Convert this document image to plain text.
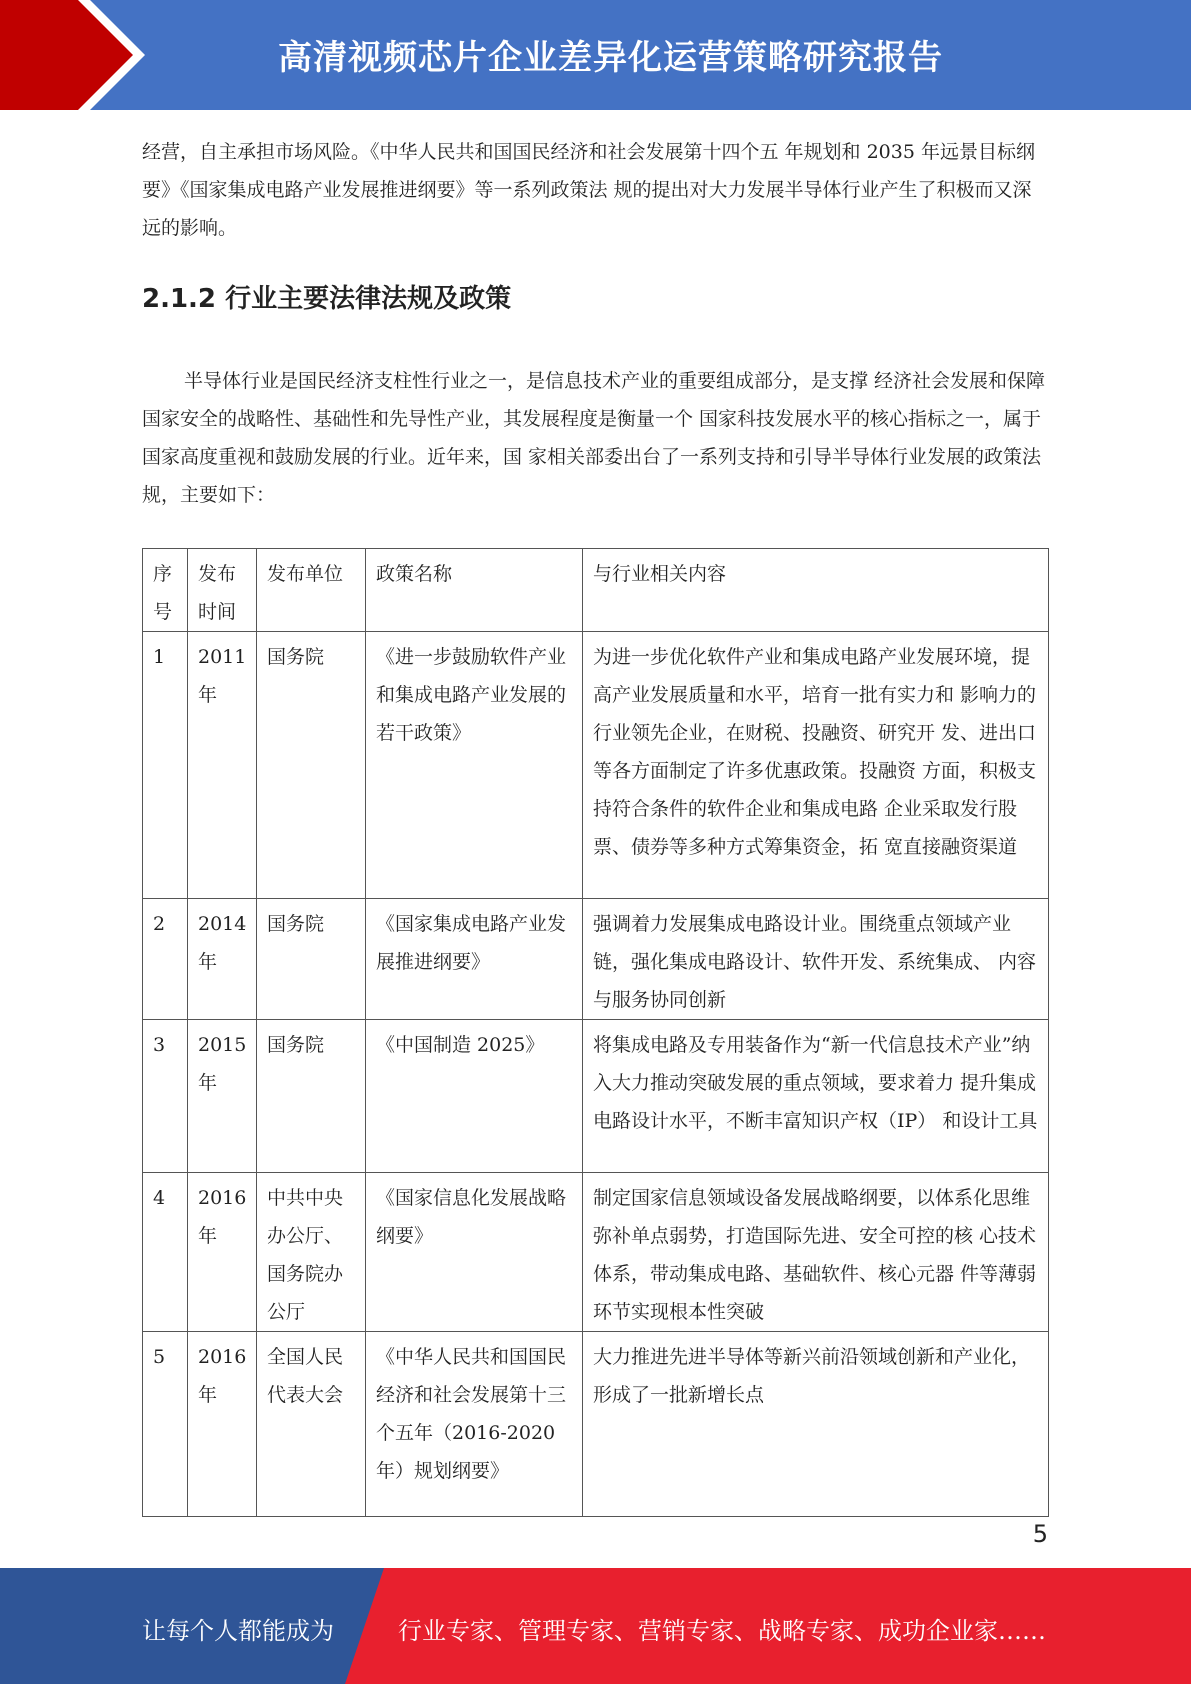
高清视频芯片企业差异化运营策略研究报告

经营，自主承担市场风险。《中华人民共和国国民经济和社会发展第十四个五 年规划和 2035 年远景目标纲要》《国家集成电路产业发展推进纲要》等一系列政策法 规的提出对大力发展半导体行业产生了积极而又深远的影响。

2.1.2 行业主要法律法规及政策

半导体行业是国民经济支柱性行业之一，是信息技术产业的重要组成部分，是支撑 经济社会发展和保障国家安全的战略性、基础性和先导性产业，其发展程度是衡量一个 国家科技发展水平的核心指标之一，属于国家高度重视和鼓励发展的行业。近年来，国 家相关部委出台了一系列支持和引导半导体行业发展的政策法规，主要如下：

序号	发布时间	发布单位	政策名称	与行业相关内容
1	2011年	国务院	《进一步鼓励软件产业和集成电路产业发展的若干政策》	为进一步优化软件产业和集成电路产业发展环境，提高产业发展质量和水平，培育一批有实力和 影响力的行业领先企业，在财税、投融资、研究开 发、进出口等各方面制定了许多优惠政策。投融资 方面，积极支持符合条件的软件企业和集成电路 企业采取发行股票、债券等多种方式筹集资金，拓 宽直接融资渠道
2	2014年	国务院	《国家集成电路产业发展推进纲要》	强调着力发展集成电路设计业。围绕重点领域产业链，强化集成电路设计、软件开发、系统集成、 内容与服务协同创新
3	2015年	国务院	《中国制造 2025》	将集成电路及专用装备作为“新一代信息技术产业”纳入大力推动突破发展的重点领域，要求着力 提升集成电路设计水平，不断丰富知识产权（IP） 和设计工具
4	2016年	中共中央办公厅、国务院办公厅	《国家信息化发展战略纲要》	制定国家信息领域设备发展战略纲要，以体系化思维弥补单点弱势，打造国际先进、安全可控的核 心技术体系，带动集成电路、基础软件、核心元器 件等薄弱环节实现根本性突破
5	2016年	全国人民代表大会	《中华人民共和国国民经济和社会发展第十三个五年（2016-2020 年）规划纲要》	大力推进先进半导体等新兴前沿领域创新和产业化，形成了一批新增长点
5
让每个人都能成为	行业专家、管理专家、营销专家、战略专家、成功企业家……
